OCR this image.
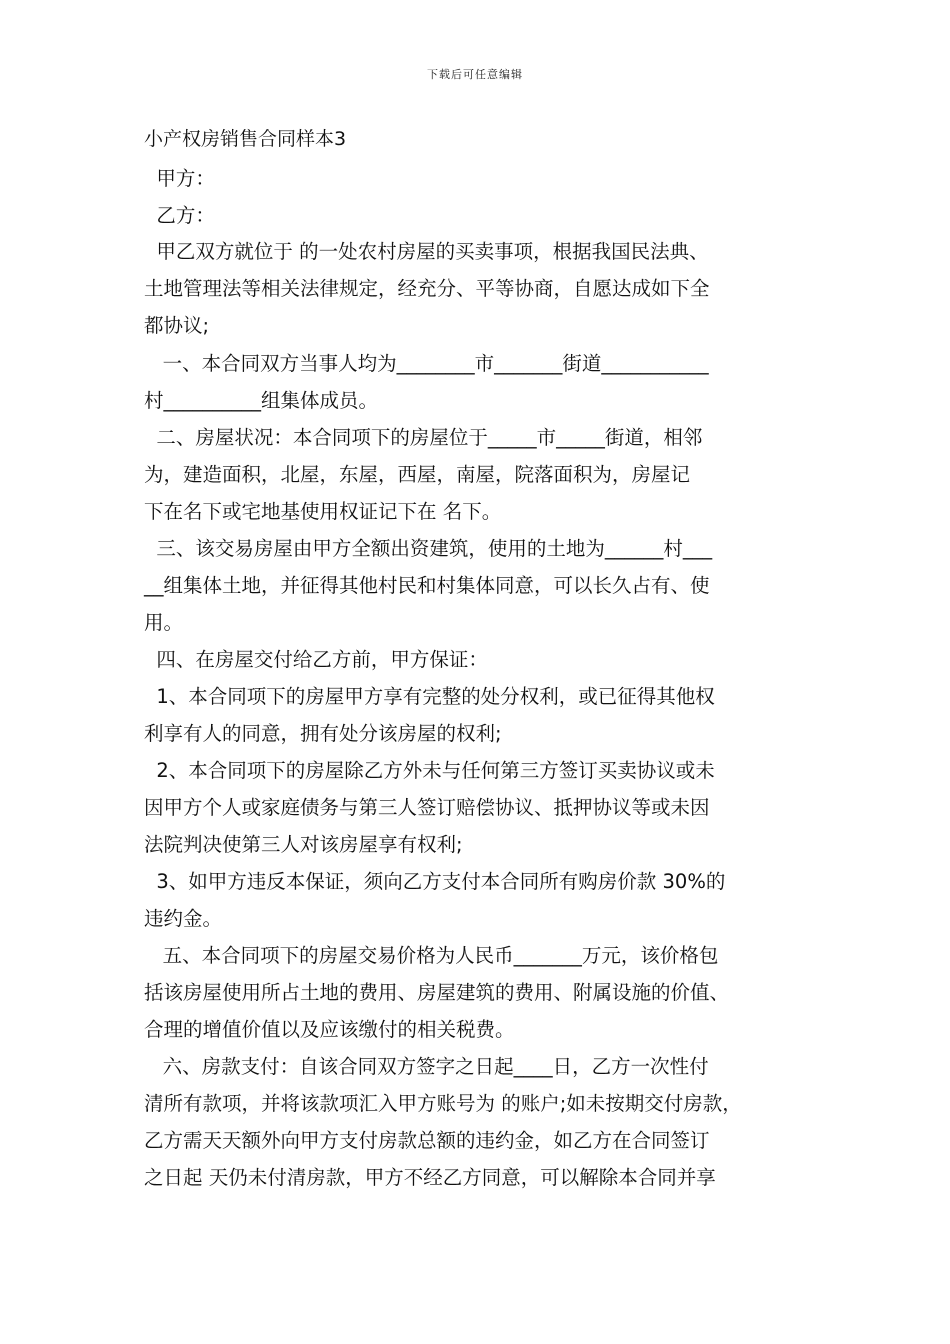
下载后可任意编辑
小产权房销售合同样本3
甲方：
乙方：
甲乙双方就位于 的一处农村房屋的买卖事项，根据我国民法典、
土地管理法等相关法律规定，经充分、平等协商，自愿达成如下全
都协议;
一、本合同双方当事人均为________市_______街道___________
村__________组集体成员。
二、房屋状况：本合同项下的房屋位于_____市_____街道，相邻
为，建造面积，北屋，东屋，西屋，南屋，院落面积为，房屋记
下在名下或宅地基使用权证记下在 名下。
三、该交易房屋由甲方全额出资建筑，使用的土地为______村___
__组集体土地，并征得其他村民和村集体同意，可以长久占有、使
用。
四、在房屋交付给乙方前，甲方保证：
1、本合同项下的房屋甲方享有完整的处分权利，或已征得其他权
利享有人的同意，拥有处分该房屋的权利;
2、本合同项下的房屋除乙方外未与任何第三方签订买卖协议或未
因甲方个人或家庭债务与第三人签订赔偿协议、抵押协议等或未因
法院判决使第三人对该房屋享有权利;
3、如甲方违反本保证，须向乙方支付本合同所有购房价款 30%的
违约金。
五、本合同项下的房屋交易价格为人民币_______万元，该价格包
括该房屋使用所占土地的费用、房屋建筑的费用、附属设施的价值、
合理的增值价值以及应该缴付的相关税费。
六、房款支付：自该合同双方签字之日起____日，乙方一次性付
清所有款项，并将该款项汇入甲方账号为 的账户;如未按期交付房款，
乙方需天天额外向甲方支付房款总额的违约金，如乙方在合同签订
之日起 天仍未付清房款，甲方不经乙方同意，可以解除本合同并享
